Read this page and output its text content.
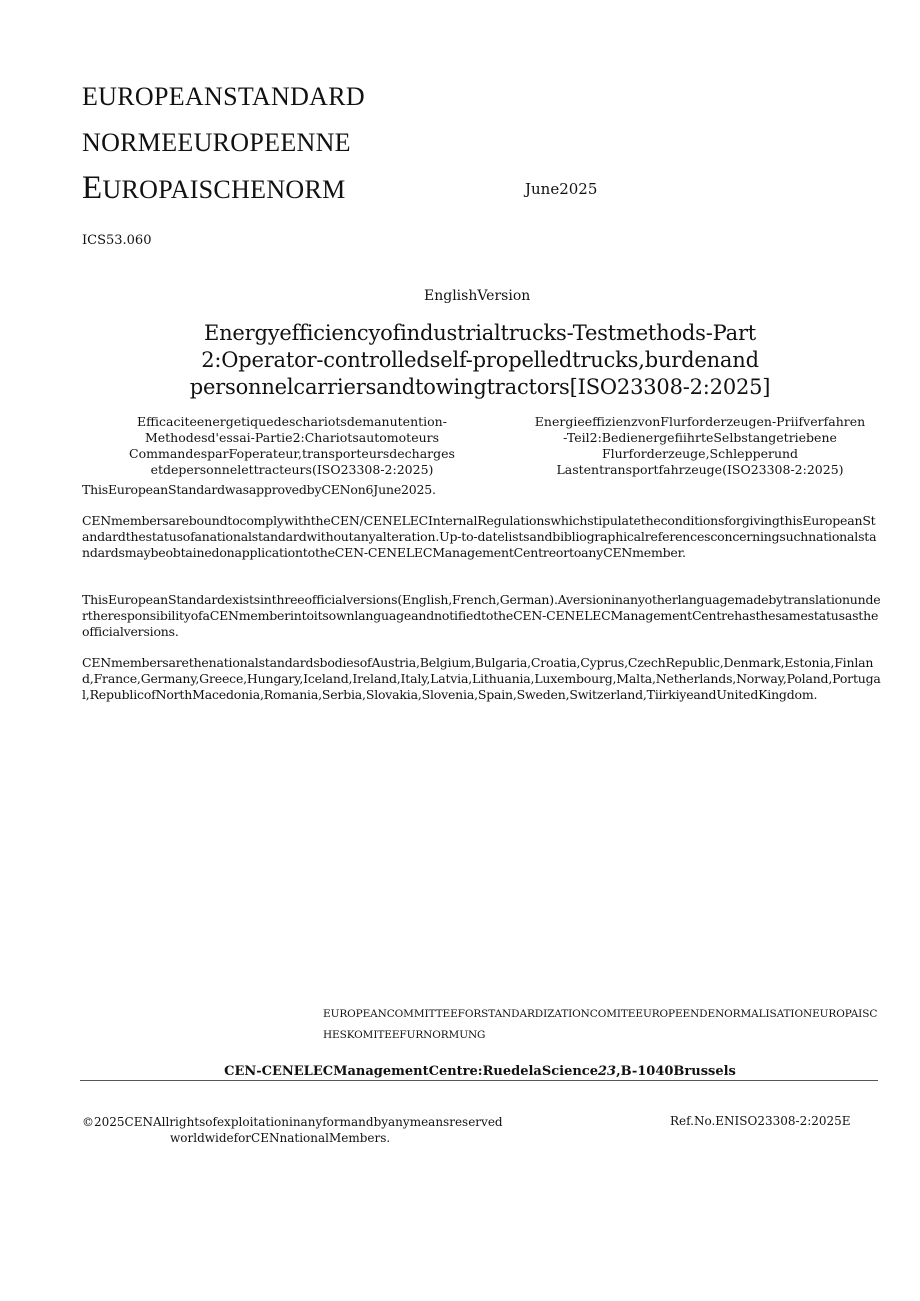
EUROPEANSTANDARD
NORMEEUROPEENNE
EUROPAISCHENORM	June2025
ICS53.060
EnglishVersion
Energyefficiencyofindustrialtrucks-Testmethods-Part
2:Operator-controlledself-propelledtrucks,burdenand
personnelcarriersandtowingtractors[ISO23308-2:2025]
Efficaciteenergetiquedeschariotsdemanutention-
Methodesd'essai-Partie2:Chariotsautomoteurs
CommandesparFoperateur,transporteursdecharges
etdepersonnelettracteurs(ISO23308-2:2025)
EnergieeffizienzvonFlurforderzeugen-Priifverfahren
-Teil2:BedienergefiihrteSelbstangetriebene
Flurforderzeuge,Schlepperund
Lastentransportfahrzeuge(ISO23308-2:2025)
ThisEuropeanStandardwasapprovedbyCENon6June2025.
CENmembersareboundtocomplywiththeCEN/CENELECInternalRegulationswhichstipulatetheconditionsforgivingthisEuropeanStandardthestatusofanationalstandardwithoutanyalteration.Up-to-datelistsandbibliographicalreferencesconcerningsuchnationalstandardsmaybeobtainedonapplicationtotheCEN-CENELECManagementCentreortoanyCENmember.
ThisEuropeanStandardexistsinthreeofficialversions(English,French,German).AversioninanyotherlanguagemadebytranslationundertheresponsibilityofaCENmemberintoitsownlanguageandnotifiedtotheCEN-CENELECManagementCentrehasthesamestatusastheofficialversions.
CENmembersarethenationalstandardsbodiesofAustria,Belgium,Bulgaria,Croatia,Cyprus,CzechRepublic,Denmark,Estonia,Finland,France,Germany,Greece,Hungary,Iceland,Ireland,Italy,Latvia,Lithuania,Luxembourg,Malta,Netherlands,Norway,Poland,Portugal,RepublicofNorthMacedonia,Romania,Serbia,Slovakia,Slovenia,Spain,Sweden,Switzerland,TiirkiyeandUnitedKingdom.
EUROPEANCOMMITTEEFORSTANDARDIZATIONCOMITEEUROPEENDENORMALISATIONEUROPAISCHESKOMITEEFURNORMUNG
CEN-CENELECManagementCentre:RuedelaScience23,B-1040Brussels
©2025CENAllrightsofexploitationinanyformandbyanymeansreserved
worldwideforCENnationalMembers.
Ref.No.ENISO23308-2:2025E
